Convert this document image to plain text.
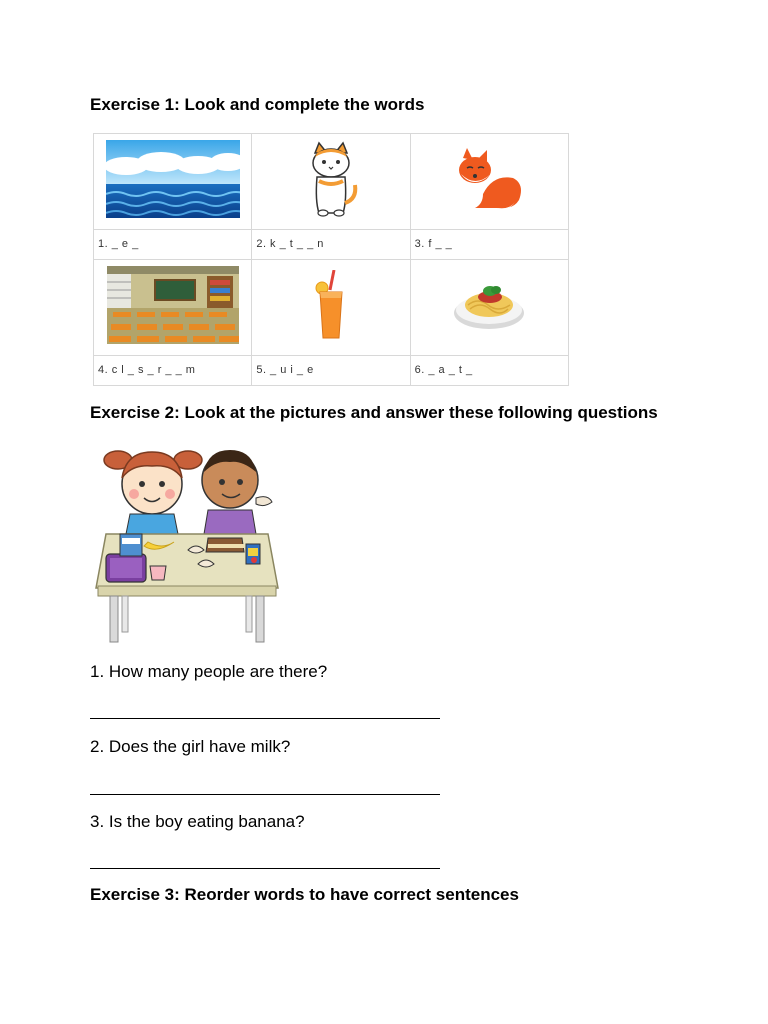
Exercise 1: Look and complete the words

1. _ e _	2. k _ t _ _ n	3. f _ _

4. c l _ s _ r _ _ m	5. _ u i _ e	6. _ a _ t _
Exercise 2: Look at the pictures and answer these following questions

1. How many people are there?

2. Does the girl have milk?

3. Is the boy eating banana?

Exercise 3: Reorder words to have correct sentences
